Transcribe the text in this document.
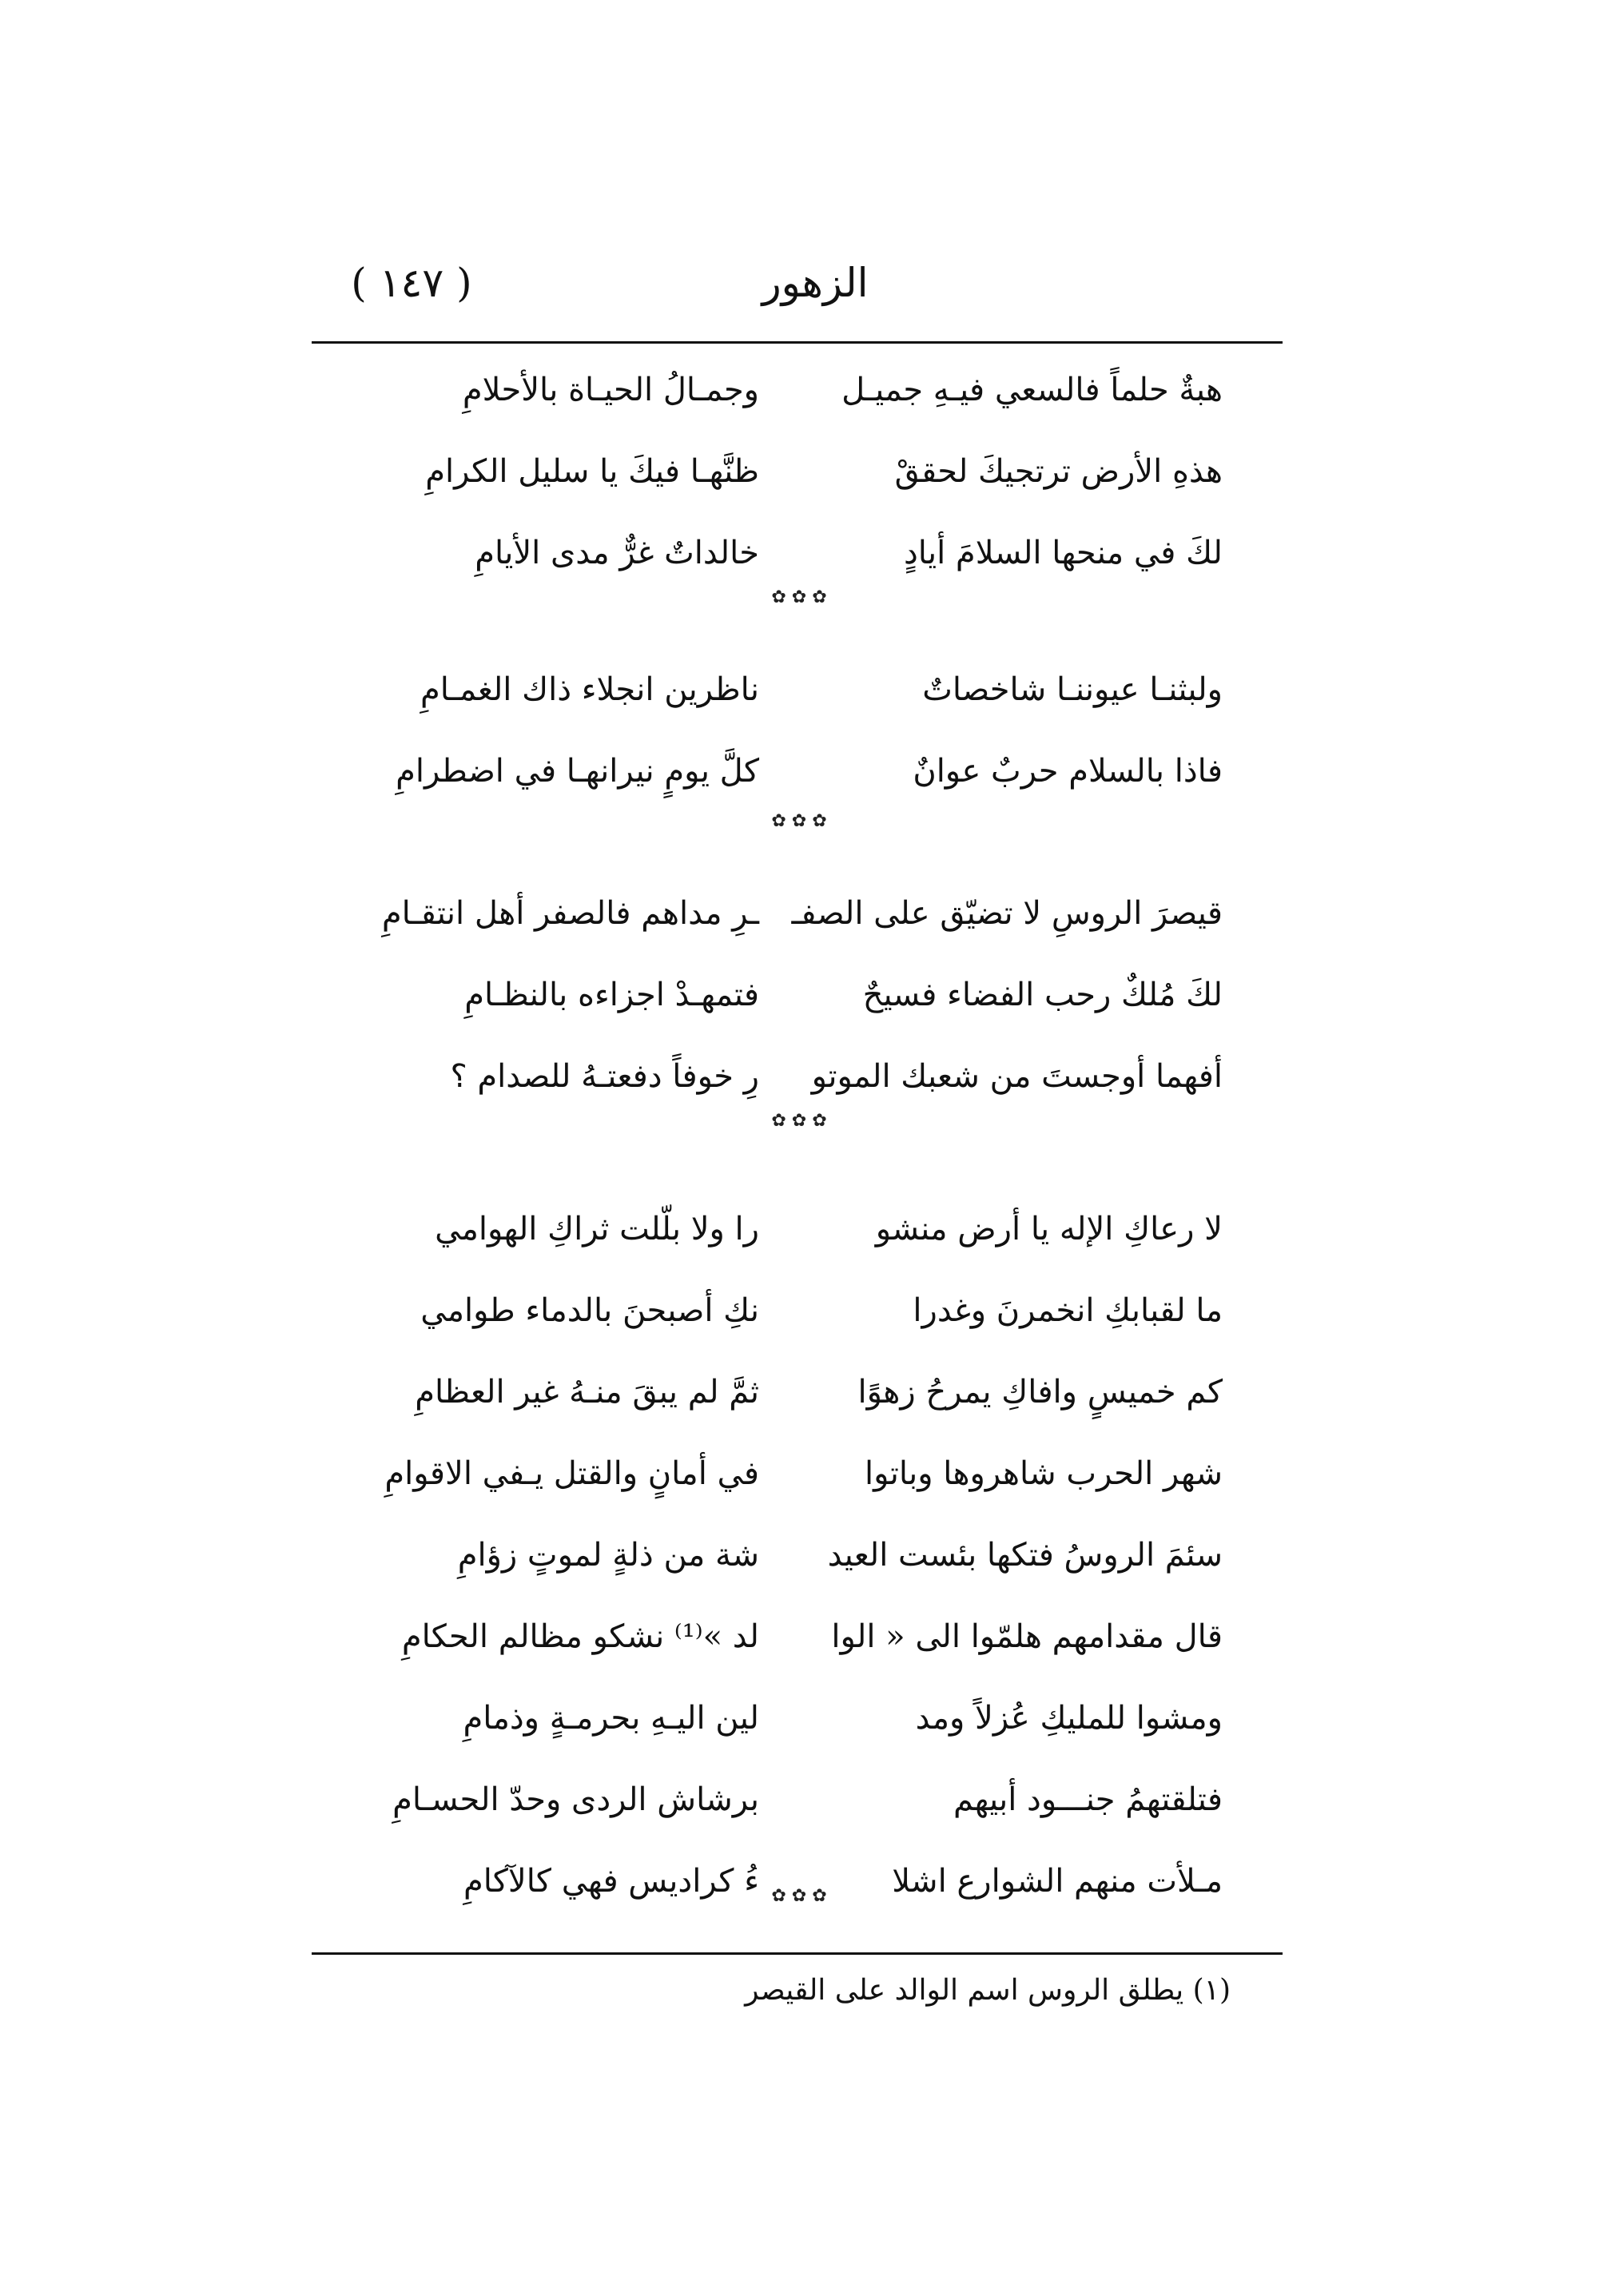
الزهور
( ١٤٧ )
هبةٌ حلماً فالسعي فيـهِ جميـل
وجمـالُ الحيـاة بالأحلامِ
هذهِ الأرض ترتجيكَ لحققْ
ظنَّهـا فيكَ يا سليل الكرامِ
لكَ في منحها السلامَ أيادٍ
خالداتٌ غرٌّ مدى الأيامِ
✿ ✿ ✿
ولبثنـا عيوننـا شاخصاتٌ
ناظرين انجلاء ذاك الغمـامِ
فاذا بالسلام حربٌ عوانٌ
كلَّ يومٍ نيرانهـا في اضطرامِ
✿ ✿ ✿
قيصرَ الروسِ لا تضيّق على الصفـ
ـرِ مداهم فالصفر أهل انتقـامِ
لكَ مُلكٌ رحب الفضاء فسيحٌ
فتمهـدْ اجزاءه بالنظـامِ
أفهما أوجستَ من شعبك الموتو
رِ خوفاً دفعتـهُ للصدام ؟
✿ ✿ ✿
لا رعاكِ الإله يا أرض منشو
را ولا بلّلت ثراكِ الهوامي
ما لقبابكِ انخمرنَ وغدرا
نكِ أصبحنَ بالدماء طوامي
كم خميسٍ وافاكِ يمرحُ زهوًا
ثمَّ لم يبقَ منـهُ غير العظامِ
شهر الحرب شاهروها وباتوا
في أمانٍ والقتل يـفي الاقوامِ
سئمَ الروسُ فتكها بئست العيد
شة من ذلةٍ لموتٍ زؤامِ
قال مقدامهم هلمّوا الى « الوا
لد »⁽¹⁾ نشكو مظالم الحكامِ
ومشوا للمليكِ عُزلاً ومد
لين اليـهِ بحرمـةٍ وذمامِ
فتلقتهمُ جنـــود أبيهم
برشاش الردى وحدّ الحسـامِ
مـلأت منهم الشوارع اشلا
ءُ كراديس فهي كالآكامِ ✿ ✿ ✿
(١) يطلق الروس اسم الوالد على القيصر
